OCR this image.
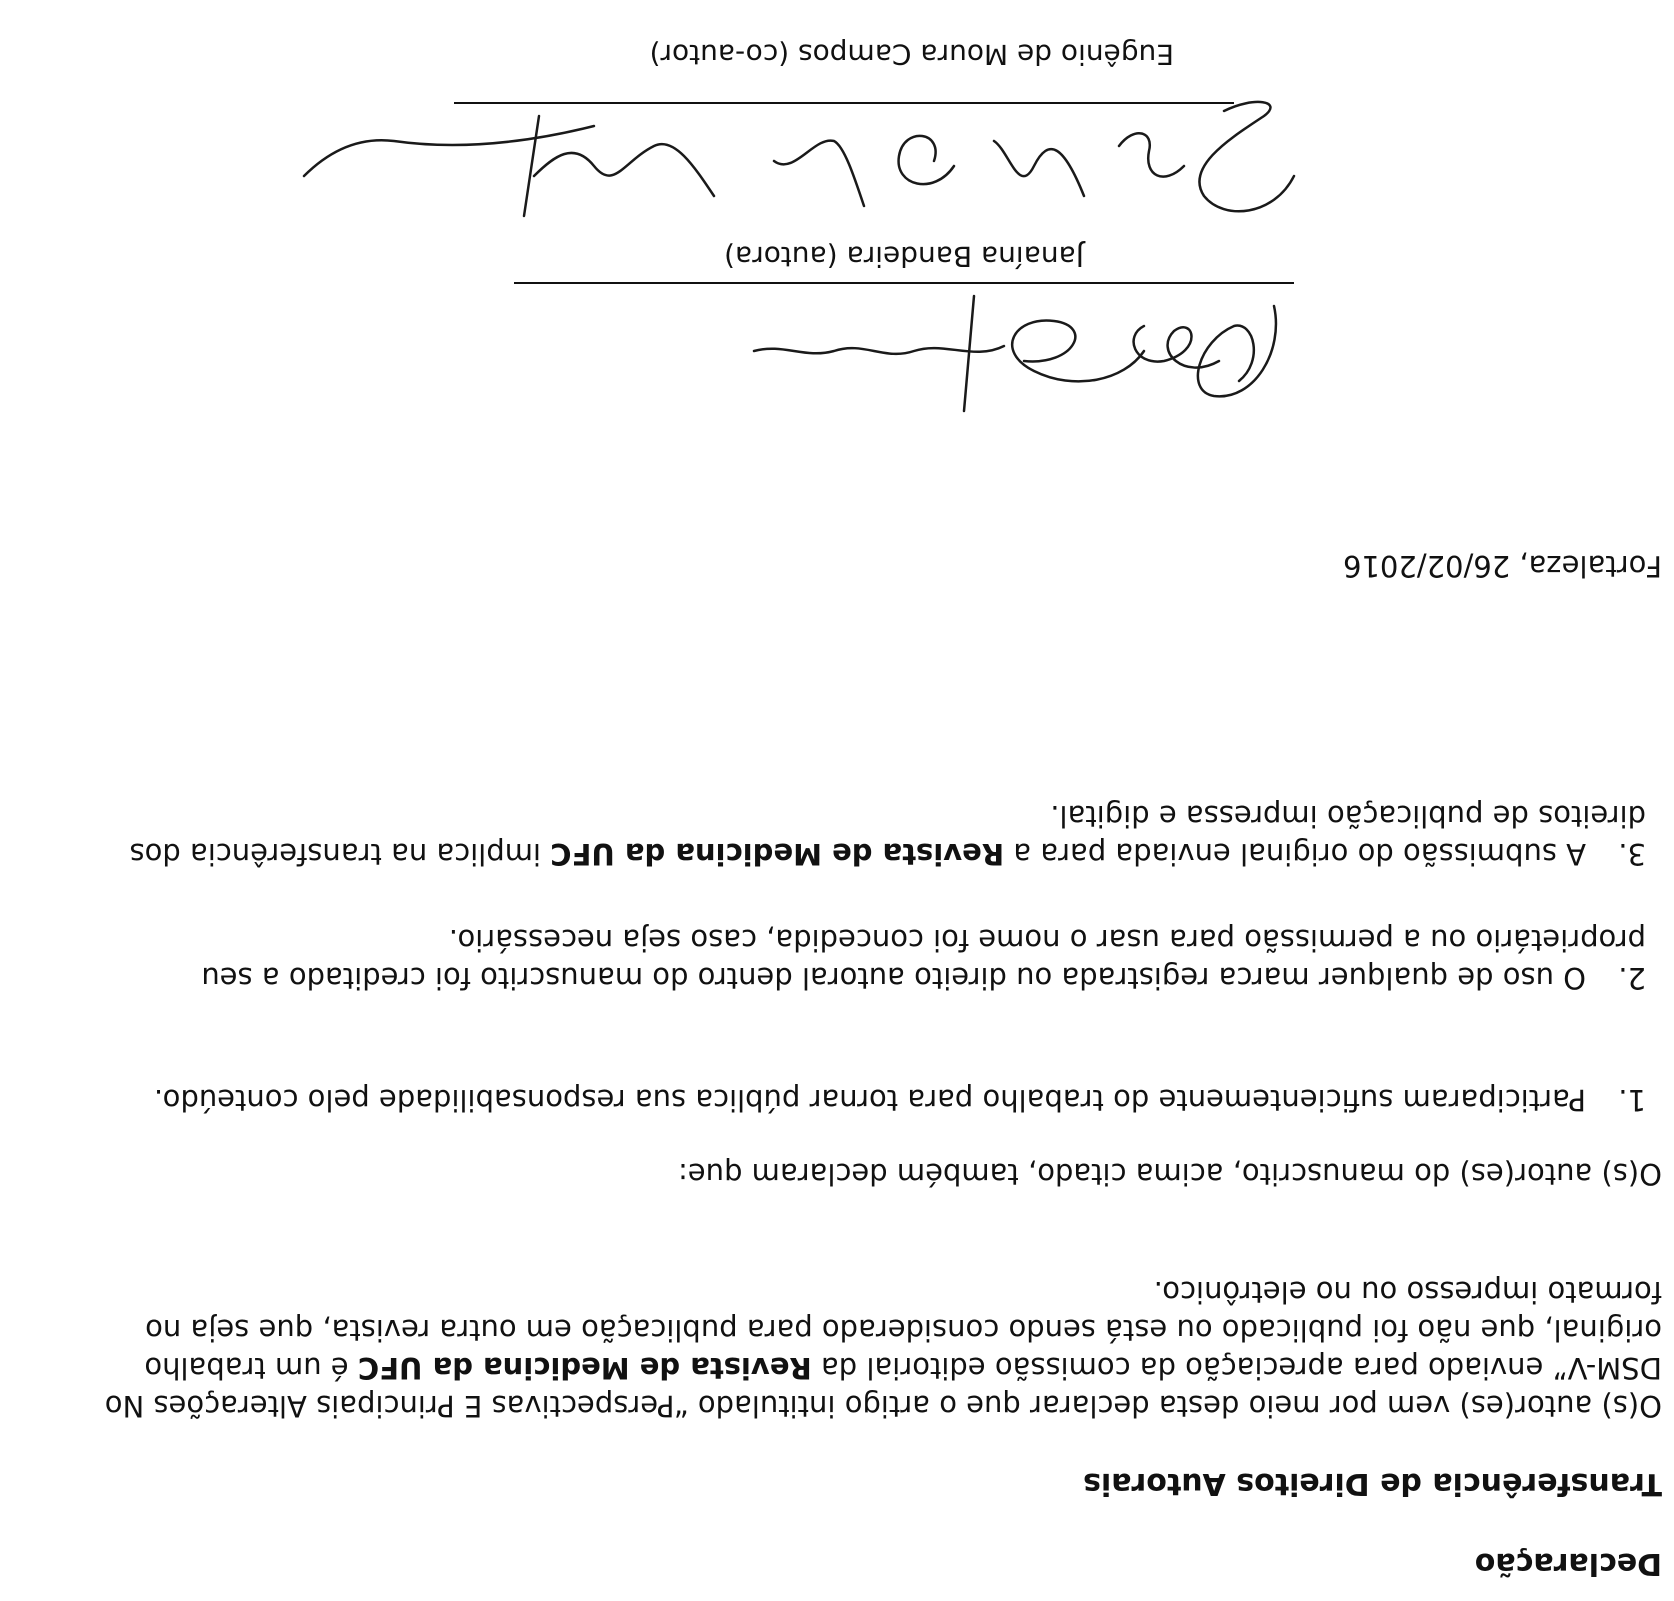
Declaração
Transferência de Direitos Autorais

O(s) autor(es) vem por meio desta declarar que o artigo intitulado “Perspectivas E Principais Alterações No DSM-V” enviado para apreciação da comissão editorial da Revista de Medicina da UFC é um trabalho original, que não foi publicado ou está sendo considerado para publicação em outra revista, que seja no formato impresso ou no eletrônico.

O(s) autor(es) do manuscrito, acima citado, também declaram que:

1.Participaram suficientemente do trabalho para tornar pública sua responsabilidade pelo conteúdo.
2.O uso de qualquer marca registrada ou direito autoral dentro do manuscrito foi creditado a seu proprietário ou a permissão para usar o nome foi concedida, caso seja necessário.
3.A submissão do original enviada para a Revista de Medicina da UFC implica na transferência dos direitos de publicação impressa e digital.

Fortaleza, 26/02/2016

Janaína Bandeira (autora)

Eugênio de Moura Campos (co-autor)
